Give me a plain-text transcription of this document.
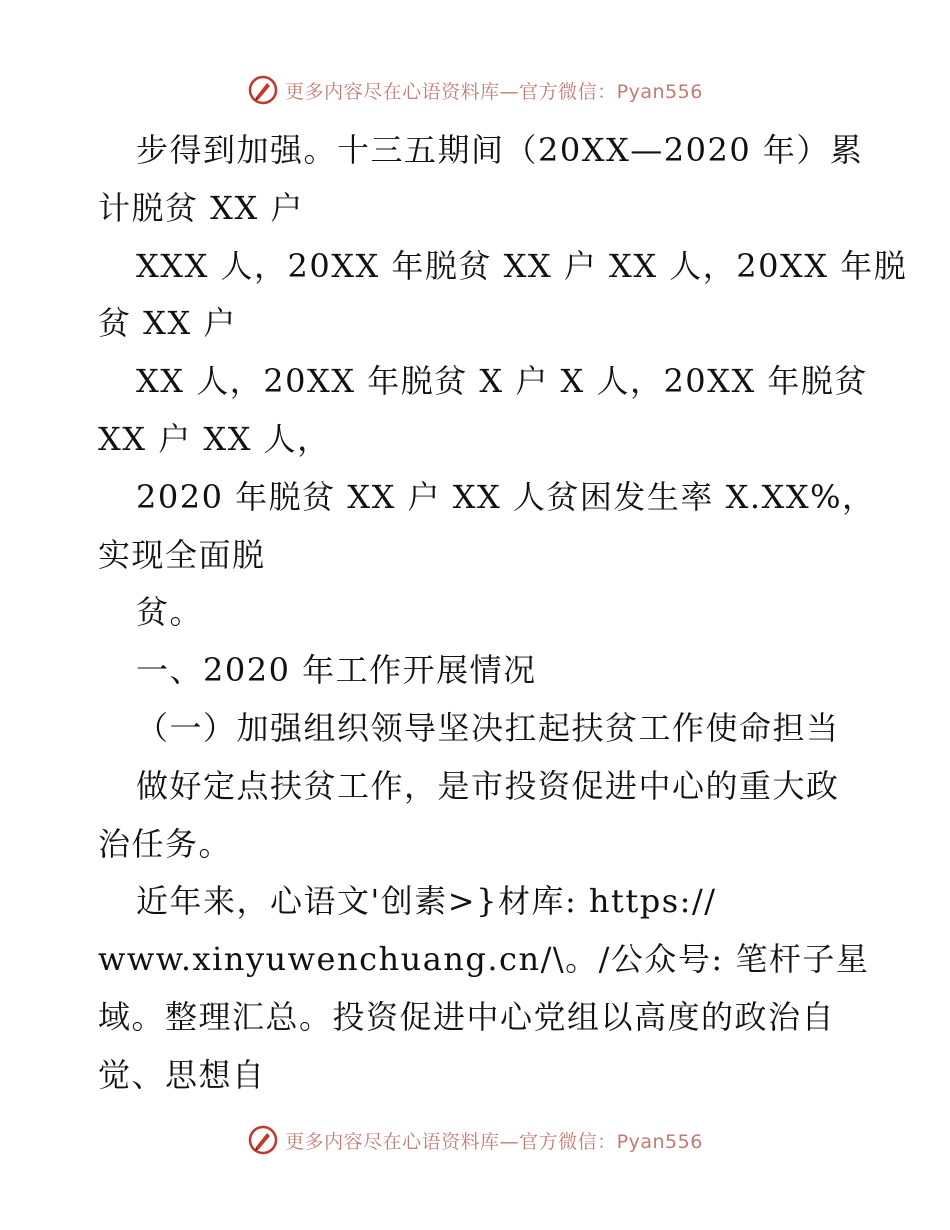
更多内容尽在心语资料库—官方微信：Pyan556
步得到加强。十三五期间（20XX—2020 年）累
计脱贫 XX 户
XXX 人，20XX 年脱贫 XX 户 XX 人，20XX 年脱
贫 XX 户
XX 人，20XX 年脱贫 X 户 X 人，20XX 年脱贫
XX 户 XX 人，
2020 年脱贫 XX 户 XX 人贫困发生率 X.XX%，
实现全面脱
贫。
一、2020 年工作开展情况
（一）加强组织领导坚决扛起扶贫工作使命担当
做好定点扶贫工作，是市投资促进中心的重大政
治任务。
近年来，心语文'创素>}材库: https://
www.xinyuwenchuang.cn/\。/公众号: 笔杆子星
域。整理汇总。投资促进中心党组以高度的政治自
觉、思想自
更多内容尽在心语资料库—官方微信：Pyan556
